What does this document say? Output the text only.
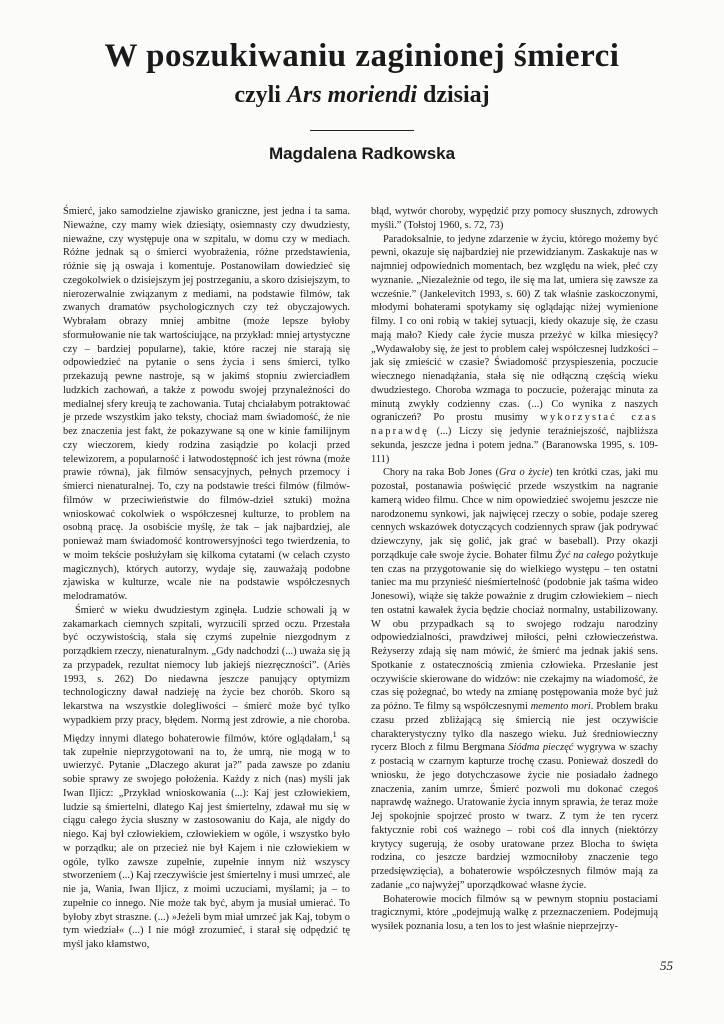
W poszukiwaniu zaginionej śmierci
czyli Ars moriendi dzisiaj
Magdalena Radkowska

Śmierć, jako samodzielne zjawisko graniczne, jest jedna i ta sama. Nieważne, czy mamy wiek dziesiąty, osiemnasty czy dwudziesty, nieważne, czy występuje ona w szpitalu, w domu czy w mediach. Różne jednak są o śmierci wyobrażenia, różne przedstawienia, różnie się ją oswaja i komentuje. Postanowiłam dowiedzieć się czegokolwiek o dzisiejszym jej postrzeganiu, a skoro dzisiejszym, to nierozerwalnie związanym z mediami, na podstawie filmów, tak zwanych dramatów psychologicznych czy też obyczajowych. Wybrałam obrazy mniej ambitne (może lepsze byłoby sformułowanie nie tak wartościujące, na przykład: mniej artystyczne czy – bardziej popularne), takie, które raczej nie starają się odpowiedzieć na pytanie o sens życia i sens śmierci, tylko przekazują pewne nastroje, są w jakimś stopniu zwierciadłem ludzkich zachowań, a także z powodu swojej przynależności do medialnej sfery kreują te zachowania. Tutaj chciałabym potraktować je przede wszystkim jako teksty, chociaż mam świadomość, że nie bez znaczenia jest fakt, że pokazywane są one w kinie familijnym czy wieczorem, kiedy rodzina zasiądzie po kolacji przed telewizorem, a popularność i łatwodostępność ich jest równa (może prawie równa), jak filmów sensacyjnych, pełnych przemocy i śmierci nienaturalnej. To, czy na podstawie treści filmów (filmów-filmów w przeciwieństwie do filmów-dzieł sztuki) można wnioskować cokolwiek o współczesnej kulturze, to problem na osobną pracę. Ja osobiście myślę, że tak – jak najbardziej, ale ponieważ mam świadomość kontrowersyjności tego twierdzenia, to w moim tekście posłużyłam się kilkoma cytatami (w celach czysto magicznych), których autorzy, wydaje się, zauważają podobne zjawiska w kulturze, wcale nie na podstawie współczesnych melodramatów.

Śmierć w wieku dwudziestym zginęła. Ludzie schowali ją w zakamarkach ciemnych szpitali, wyrzucili sprzed oczu. Przestała być oczywistością, stała się czymś zupełnie niezgodnym z porządkiem rzeczy, nienaturalnym. „Gdy nadchodzi (...) uważa się ją za przypadek, rezultat niemocy lub jakiejś niezręczności”. (Ariès 1993, s. 262) Do niedawna jeszcze panujący optymizm technologiczny dawał nadzieję na życie bez chorób. Skoro są lekarstwa na wszystkie dolegliwości – śmierć może być tylko wypadkiem przy pracy, błędem. Normą jest zdrowie, a nie choroba. Między innymi dlatego bohaterowie filmów, które oglądałam,$^1$ są tak zupełnie nieprzygotowani na to, że umrą, nie mogą w to uwierzyć. Pytanie „Dlaczego akurat ja?” pada zawsze po zdaniu sobie sprawy ze swojego położenia. Każdy z nich (nas) myśli jak Iwan Iljicz: „Przykład wnioskowania (...): Kaj jest człowiekiem, ludzie są śmiertelni, dlatego Kaj jest śmiertelny, zdawał mu się w ciągu całego życia słuszny w zastosowaniu do Kaja, ale nigdy do niego. Kaj był człowiekiem, człowiekiem w ogóle, i wszystko było w porządku; ale on przecież nie był Kajem i nie człowiekiem w ogóle, tylko zawsze zupełnie, zupełnie innym niż wszyscy stworzeniem (...) Kaj rzeczywiście jest śmiertelny i musi umrzeć, ale nie ja, Wania, Iwan Iljicz, z moimi uczuciami, myślami; ja – to zupełnie co innego. Nie może tak być, abym ja musiał umierać. To byłoby zbyt straszne. (...) »Jeżeli bym miał umrzeć jak Kaj, tobym o tym wiedział« (...) I nie mógł zrozumieć, i starał się odpędzić tę myśl jako kłamstwo,

błąd, wytwór choroby, wypędzić przy pomocy słusznych, zdrowych myśli.” (Tołstoj 1960, s. 72, 73)

Paradoksalnie, to jedyne zdarzenie w życiu, którego możemy być pewni, okazuje się najbardziej nie przewidzianym. Zaskakuje nas w najmniej odpowiednich momentach, bez względu na wiek, płeć czy wyznanie. „Niezależnie od tego, ile się ma lat, umiera się zawsze za wcześnie.” (Jankelevitch 1993, s. 60) Z tak właśnie zaskoczonymi, młodymi bohaterami spotykamy się oglądając niżej wymienione filmy. I co oni robią w takiej sytuacji, kiedy okazuje się, że czasu mają mało? Kiedy całe życie musza przeżyć w kilka miesięcy? „Wydawałoby się, że jest to problem całej współczesnej ludzkości – jak się zmieścić w czasie? Świadomość przyspieszenia, poczucie wiecznego nienadążania, stała się nie odłączną częścią wieku dwudziestego. Choroba wzmaga to poczucie, pożerając minuta za minutą zwykły codzienny czas. (...) Co wynika z naszych ograniczeń? Po prostu musimy wykorzystać czas naprawdę (...) Liczy się jedynie teraźniejszość, najbliższa sekunda, jeszcze jedna i potem jedna.” (Baranowska 1995, s. 109-111)

Chory na raka Bob Jones (Gra o życie) ten krótki czas, jaki mu pozostał, postanawia poświęcić przede wszystkim na nagranie kamerą wideo filmu. Chce w nim opowiedzieć swojemu jeszcze nie narodzonemu synkowi, jak najwięcej rzeczy o sobie, podaje szereg cennych wskazówek dotyczących codziennych spraw (jak podrywać dziewczyny, jak się golić, jak grać w baseball). Przy okazji porządkuje całe swoje życie. Bohater filmu Żyć na całego pożytkuje ten czas na przygotowanie się do wielkiego występu – ten ostatni taniec ma mu przynieść nieśmiertelność (podobnie jak taśma wideo Jonesowi), wiąże się także poważnie z drugim człowiekiem – niech ten ostatni kawałek życia będzie chociaż normalny, ustabilizowany. W obu przypadkach są to swojego rodzaju narodziny odpowiedzialności, prawdziwej miłości, pełni człowieczeństwa. Reżyserzy zdają się nam mówić, że śmierć ma jednak jakiś sens. Spotkanie z ostatecznością zmienia człowieka. Przesłanie jest oczywiście skierowane do widzów: nie czekajmy na wiadomość, że czas się pożegnać, bo wtedy na zmianę postępowania może być już za późno. Te filmy są współczesnymi memento mori. Problem braku czasu przed zbliżającą się śmiercią nie jest oczywiście charakterystyczny tylko dla naszego wieku. Już średniowieczny rycerz Bloch z filmu Bergmana Siódma pieczęć wygrywa w szachy z postacią w czarnym kapturze trochę czasu. Ponieważ doszedł do wniosku, że jego dotychczasowe życie nie posiadało żadnego znaczenia, zanim umrze, Śmierć pozwoli mu dokonać czegoś naprawdę ważnego. Uratowanie życia innym sprawia, że teraz może Jej spokojnie spojrzeć prosto w twarz. Z tym że ten rycerz faktycznie robi coś ważnego – robi coś dla innych (niektórzy krytycy sugerują, że osoby uratowane przez Blocha to święta rodzina, co jeszcze bardziej wzmocniłoby znaczenie tego przedsięwzięcia), a bohaterowie współczesnych filmów mają za zadanie „co najwyżej” uporządkować własne życie.

Bohaterowie mocich filmów są w pewnym stopniu postaciami tragicznymi, które „podejmują walkę z przeznaczeniem. Podejmują wysiłek poznania losu, a ten los to jest właśnie nieprzejrzy-

55
